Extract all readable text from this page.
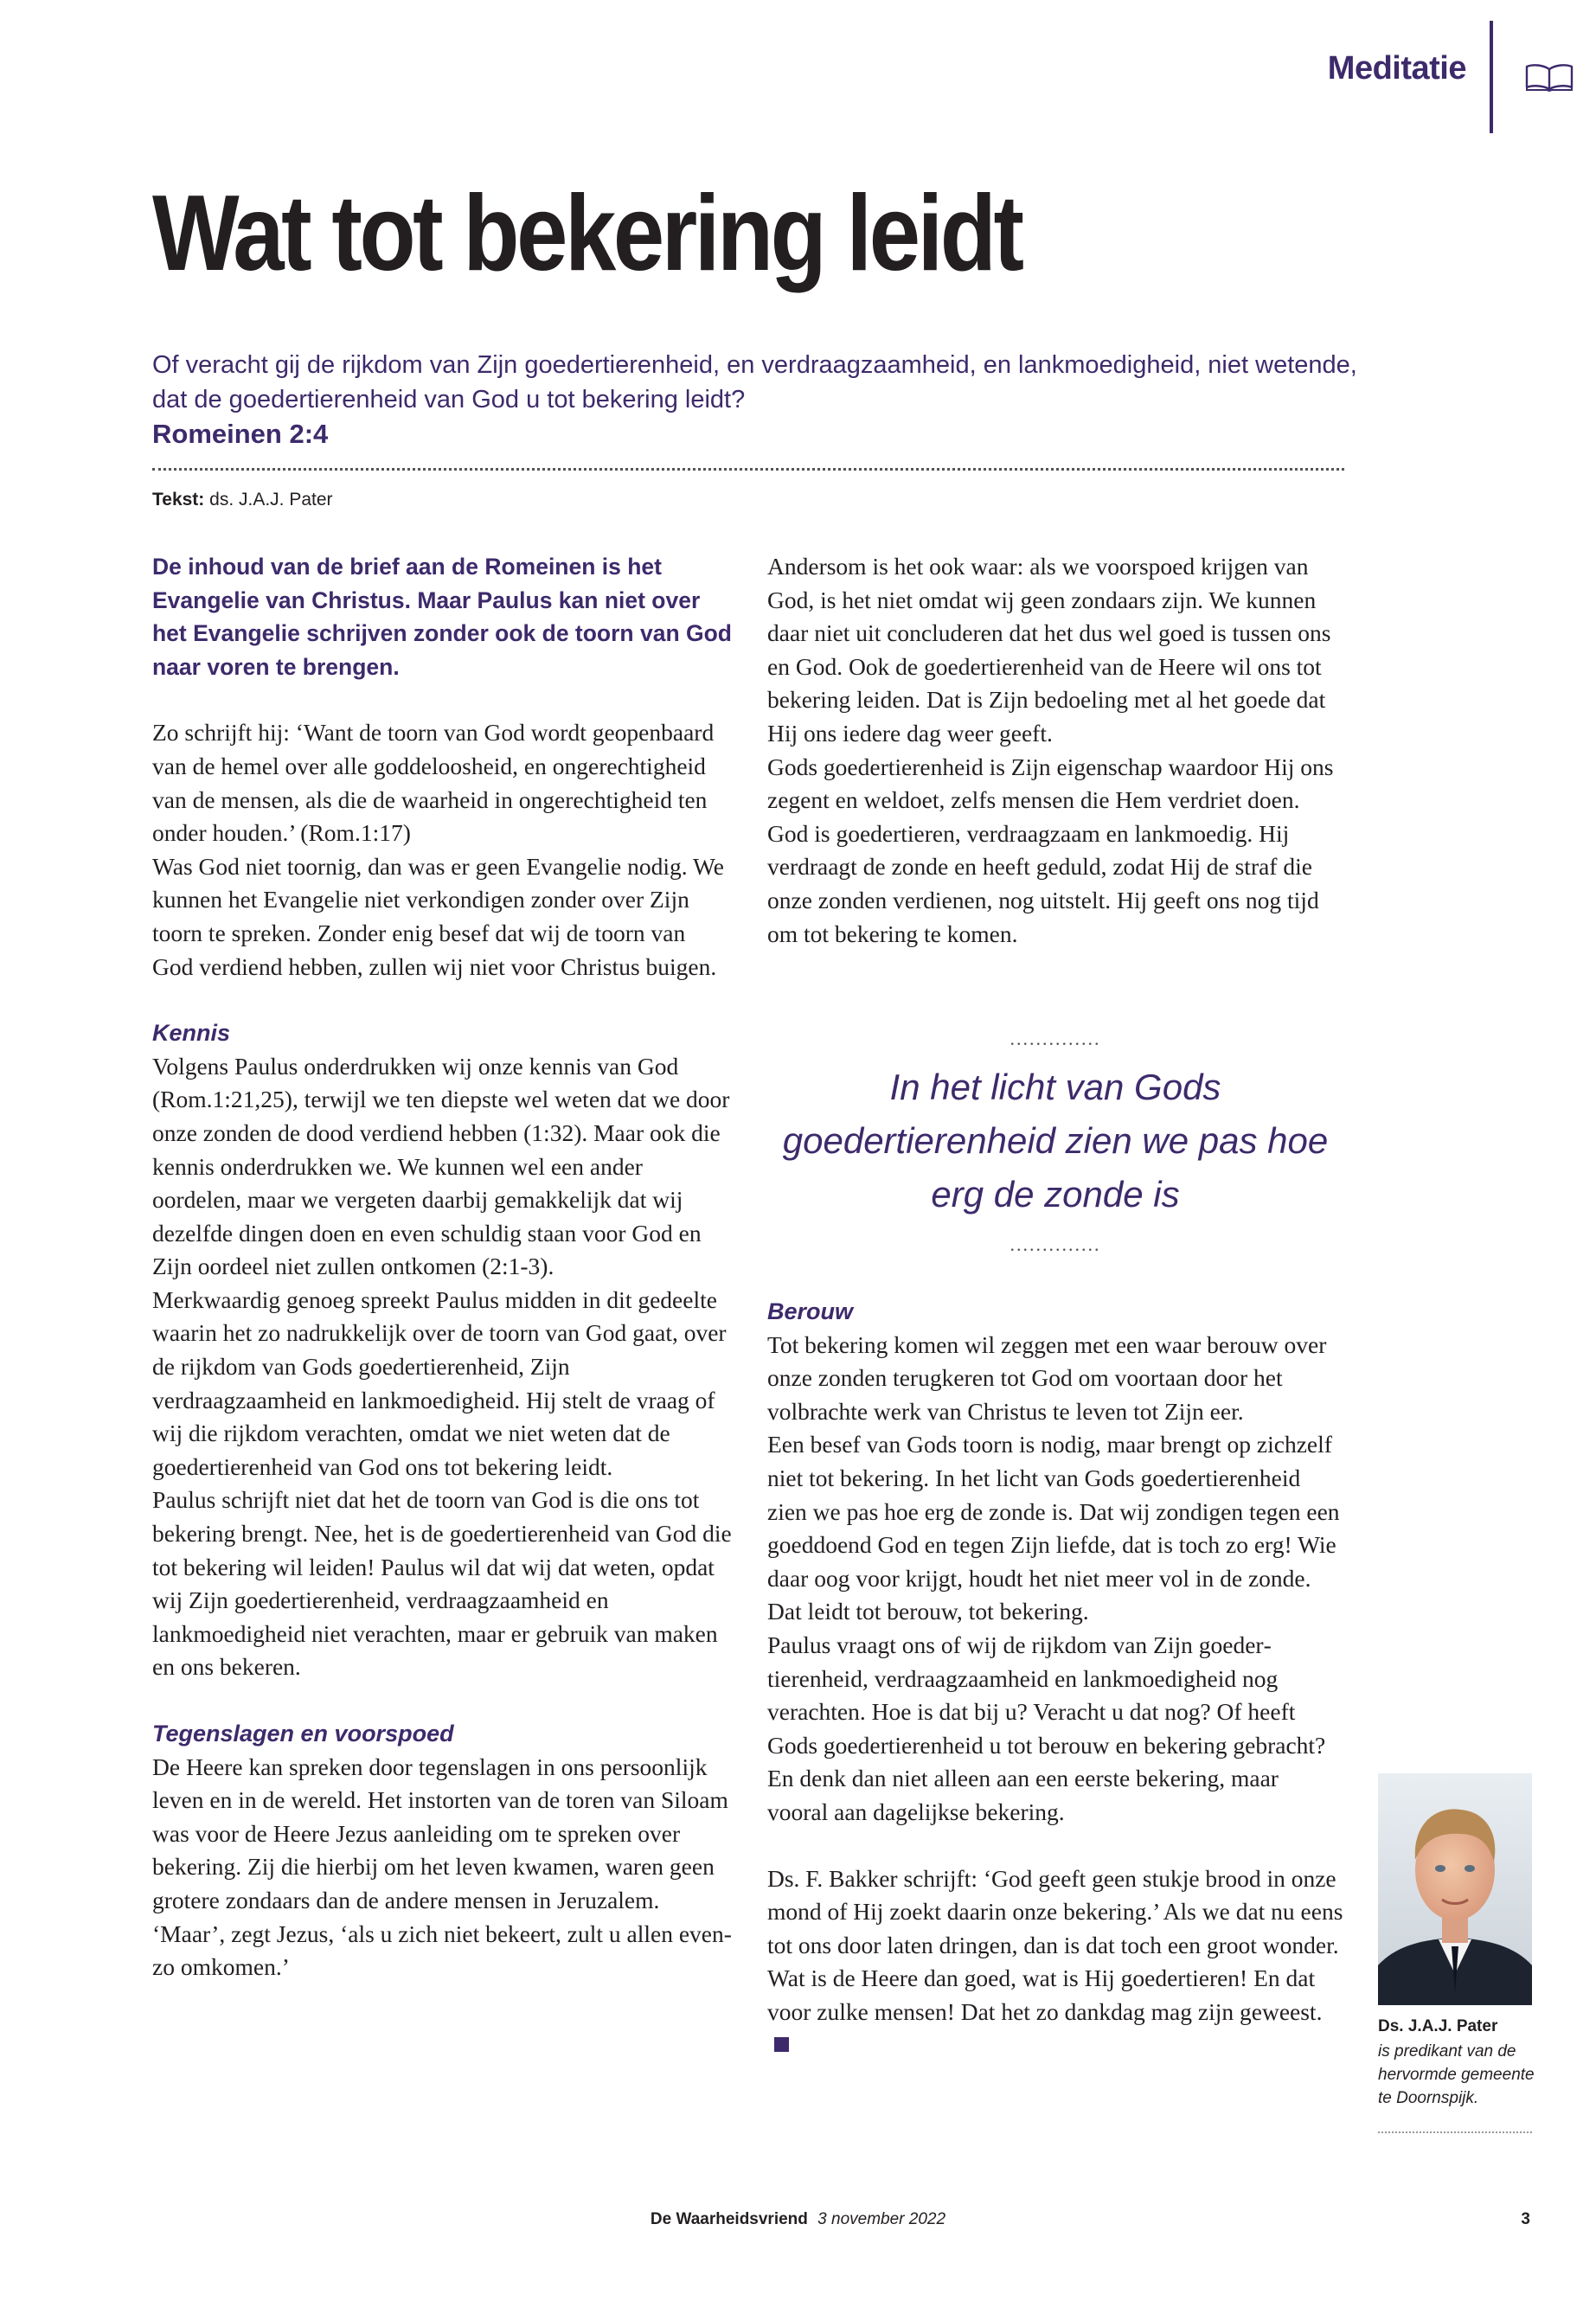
Meditatie
Wat tot bekering leidt
Of veracht gij de rijkdom van Zijn goedertierenheid, en verdraagzaamheid, en lankmoedigheid, niet wetende,
dat de goedertierenheid van God u tot bekering leidt?
Romeinen 2:4
Tekst: ds. J.A.J. Pater

De inhoud van de brief aan de Romeinen is het Evangelie van Christus. Maar Paulus kan niet over het Evangelie schrijven zonder ook de toorn van God naar voren te brengen.

Zo schrijft hij: ‘Want de toorn van God wordt geopenbaard van de hemel over alle goddeloosheid, en ongerechtigheid van de mensen, als die de waarheid in ongerechtigheid ten onder houden.’ (Rom.1:17)

Was God niet toornig, dan was er geen Evangelie nodig. We kunnen het Evangelie niet verkondigen zonder over Zijn toorn te spreken. Zonder enig besef dat wij de toorn van God verdiend hebben, zullen wij niet voor Christus buigen.

Kennis

Volgens Paulus onderdrukken wij onze kennis van God (Rom.1:21,25), terwijl we ten diepste wel weten dat we door onze zonden de dood verdiend hebben (1:32). Maar ook die kennis onderdrukken we. We kunnen wel een ander oordelen, maar we vergeten daarbij gemakkelijk dat wij dezelfde dingen doen en even schuldig staan voor God en Zijn oordeel niet zullen ontkomen (2:1-3).

Merkwaardig genoeg spreekt Paulus midden in dit gedeelte waarin het zo nadrukkelijk over de toorn van God gaat, over de rijkdom van Gods goedertierenheid, Zijn verdraagzaamheid en lankmoedigheid. Hij stelt de vraag of wij die rijkdom verachten, omdat we niet weten dat de goedertierenheid van God ons tot bekering leidt.

Paulus schrijft niet dat het de toorn van God is die ons tot bekering brengt. Nee, het is de goedertierenheid van God die tot bekering wil leiden! Paulus wil dat wij dat weten, opdat wij Zijn goedertierenheid, verdraagzaamheid en lankmoedigheid niet verachten, maar er gebruik van maken en ons bekeren.

Tegenslagen en voorspoed

De Heere kan spreken door tegenslagen in ons persoonlijk leven en in de wereld. Het instorten van de toren van Siloam was voor de Heere Jezus aanleiding om te spreken over bekering. Zij die hierbij om het leven kwamen, waren geen grotere zondaars dan de andere mensen in Jeruzalem. ‘Maar’, zegt Jezus, ‘als u zich niet bekeert, zult u allen evenzo omkomen.’

Andersom is het ook waar: als we voorspoed krijgen van God, is het niet omdat wij geen zondaars zijn. We kunnen daar niet uit concluderen dat het dus wel goed is tussen ons en God. Ook de goedertierenheid van de Heere wil ons tot bekering leiden. Dat is Zijn bedoeling met al het goede dat Hij ons iedere dag weer geeft.

Gods goedertierenheid is Zijn eigenschap waardoor Hij ons zegent en weldoet, zelfs mensen die Hem verdriet doen. God is goedertieren, verdraagzaam en lankmoedig. Hij verdraagt de zonde en heeft geduld, zodat Hij de straf die onze zonden verdienen, nog uitstelt. Hij geeft ons nog tijd om tot bekering te komen.

..............
In het licht van Gods goedertierenheid zien we pas hoe erg de zonde is
..............

Berouw

Tot bekering komen wil zeggen met een waar berouw over onze zonden terugkeren tot God om voortaan door het volbrachte werk van Christus te leven tot Zijn eer.

Een besef van Gods toorn is nodig, maar brengt op zichzelf niet tot bekering. In het licht van Gods goedertierenheid zien we pas hoe erg de zonde is. Dat wij zondigen tegen een goeddoend God en tegen Zijn liefde, dat is toch zo erg! Wie daar oog voor krijgt, houdt het niet meer vol in de zonde. Dat leidt tot berouw, tot bekering.

Paulus vraagt ons of wij de rijkdom van Zijn goedertierenheid, verdraagzaamheid en lankmoedigheid nog verachten. Hoe is dat bij u? Veracht u dat nog? Of heeft Gods goedertierenheid u tot berouw en bekering gebracht? En denk dan niet alleen aan een eerste bekering, maar vooral aan dagelijkse bekering.

Ds. F. Bakker schrijft: ‘God geeft geen stukje brood in onze mond of Hij zoekt daarin onze bekering.’ Als we dat nu eens tot ons door laten dringen, dan is dat toch een groot wonder. Wat is de Heere dan goed, wat is Hij goedertieren! En dat voor zulke mensen! Dat het zo dankdag mag zijn geweest.

Ds. J.A.J. Pater
is predikant van de hervormde gemeente te Doornspijk.
De Waarheidsvriend 3 november 2022	3
